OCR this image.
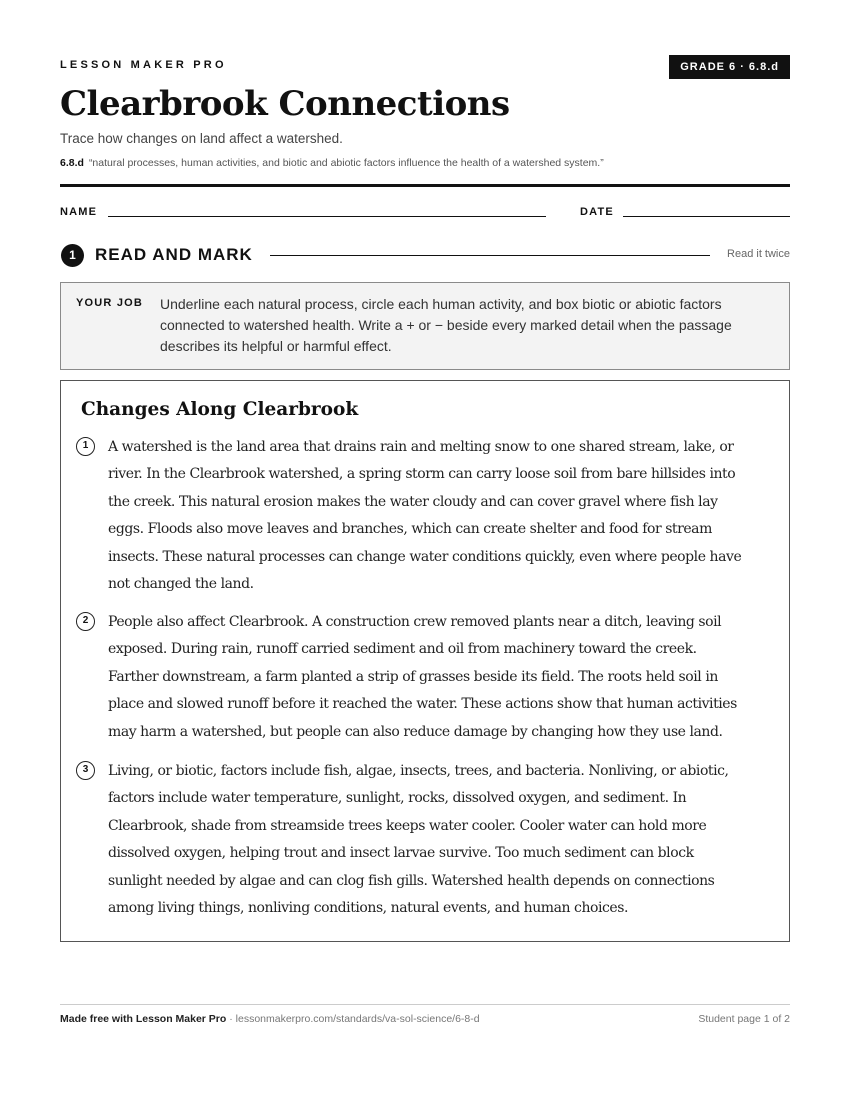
LESSON MAKER PRO	GRADE 6 · 6.8.d
Clearbrook Connections
Trace how changes on land affect a watershed.
6.8.d “natural processes, human activities, and biotic and abiotic factors influence the health of a watershed system.”
NAME	DATE
1	READ AND MARK	Read it twice
YOUR JOB Underline each natural process, circle each human activity, and box biotic or abiotic factors connected to watershed health. Write a + or − beside every marked detail when the passage describes its helpful or harmful effect.
Changes Along Clearbrook
1	A watershed is the land area that drains rain and melting snow to one shared stream, lake, or river. In the Clearbrook watershed, a spring storm can carry loose soil from bare hillsides into the creek. This natural erosion makes the water cloudy and can cover gravel where fish lay eggs. Floods also move leaves and branches, which can create shelter and food for stream insects. These natural processes can change water conditions quickly, even where people have not changed the land.

2	People also affect Clearbrook. A construction crew removed plants near a ditch, leaving soil exposed. During rain, runoff carried sediment and oil from machinery toward the creek. Farther downstream, a farm planted a strip of grasses beside its field. The roots held soil in place and slowed runoff before it reached the water. These actions show that human activities may harm a watershed, but people can also reduce damage by changing how they use land.

3	Living, or biotic, factors include fish, algae, insects, trees, and bacteria. Nonliving, or abiotic, factors include water temperature, sunlight, rocks, dissolved oxygen, and sediment. In Clearbrook, shade from streamside trees keeps water cooler. Cooler water can hold more dissolved oxygen, helping trout and insect larvae survive. Too much sediment can block sunlight needed by algae and can clog fish gills. Watershed health depends on connections among living things, nonliving conditions, natural events, and human choices.

Made free with Lesson Maker Pro · lessonmakerpro.com/standards/va-sol-science/6-8-d	Student page 1 of 2
